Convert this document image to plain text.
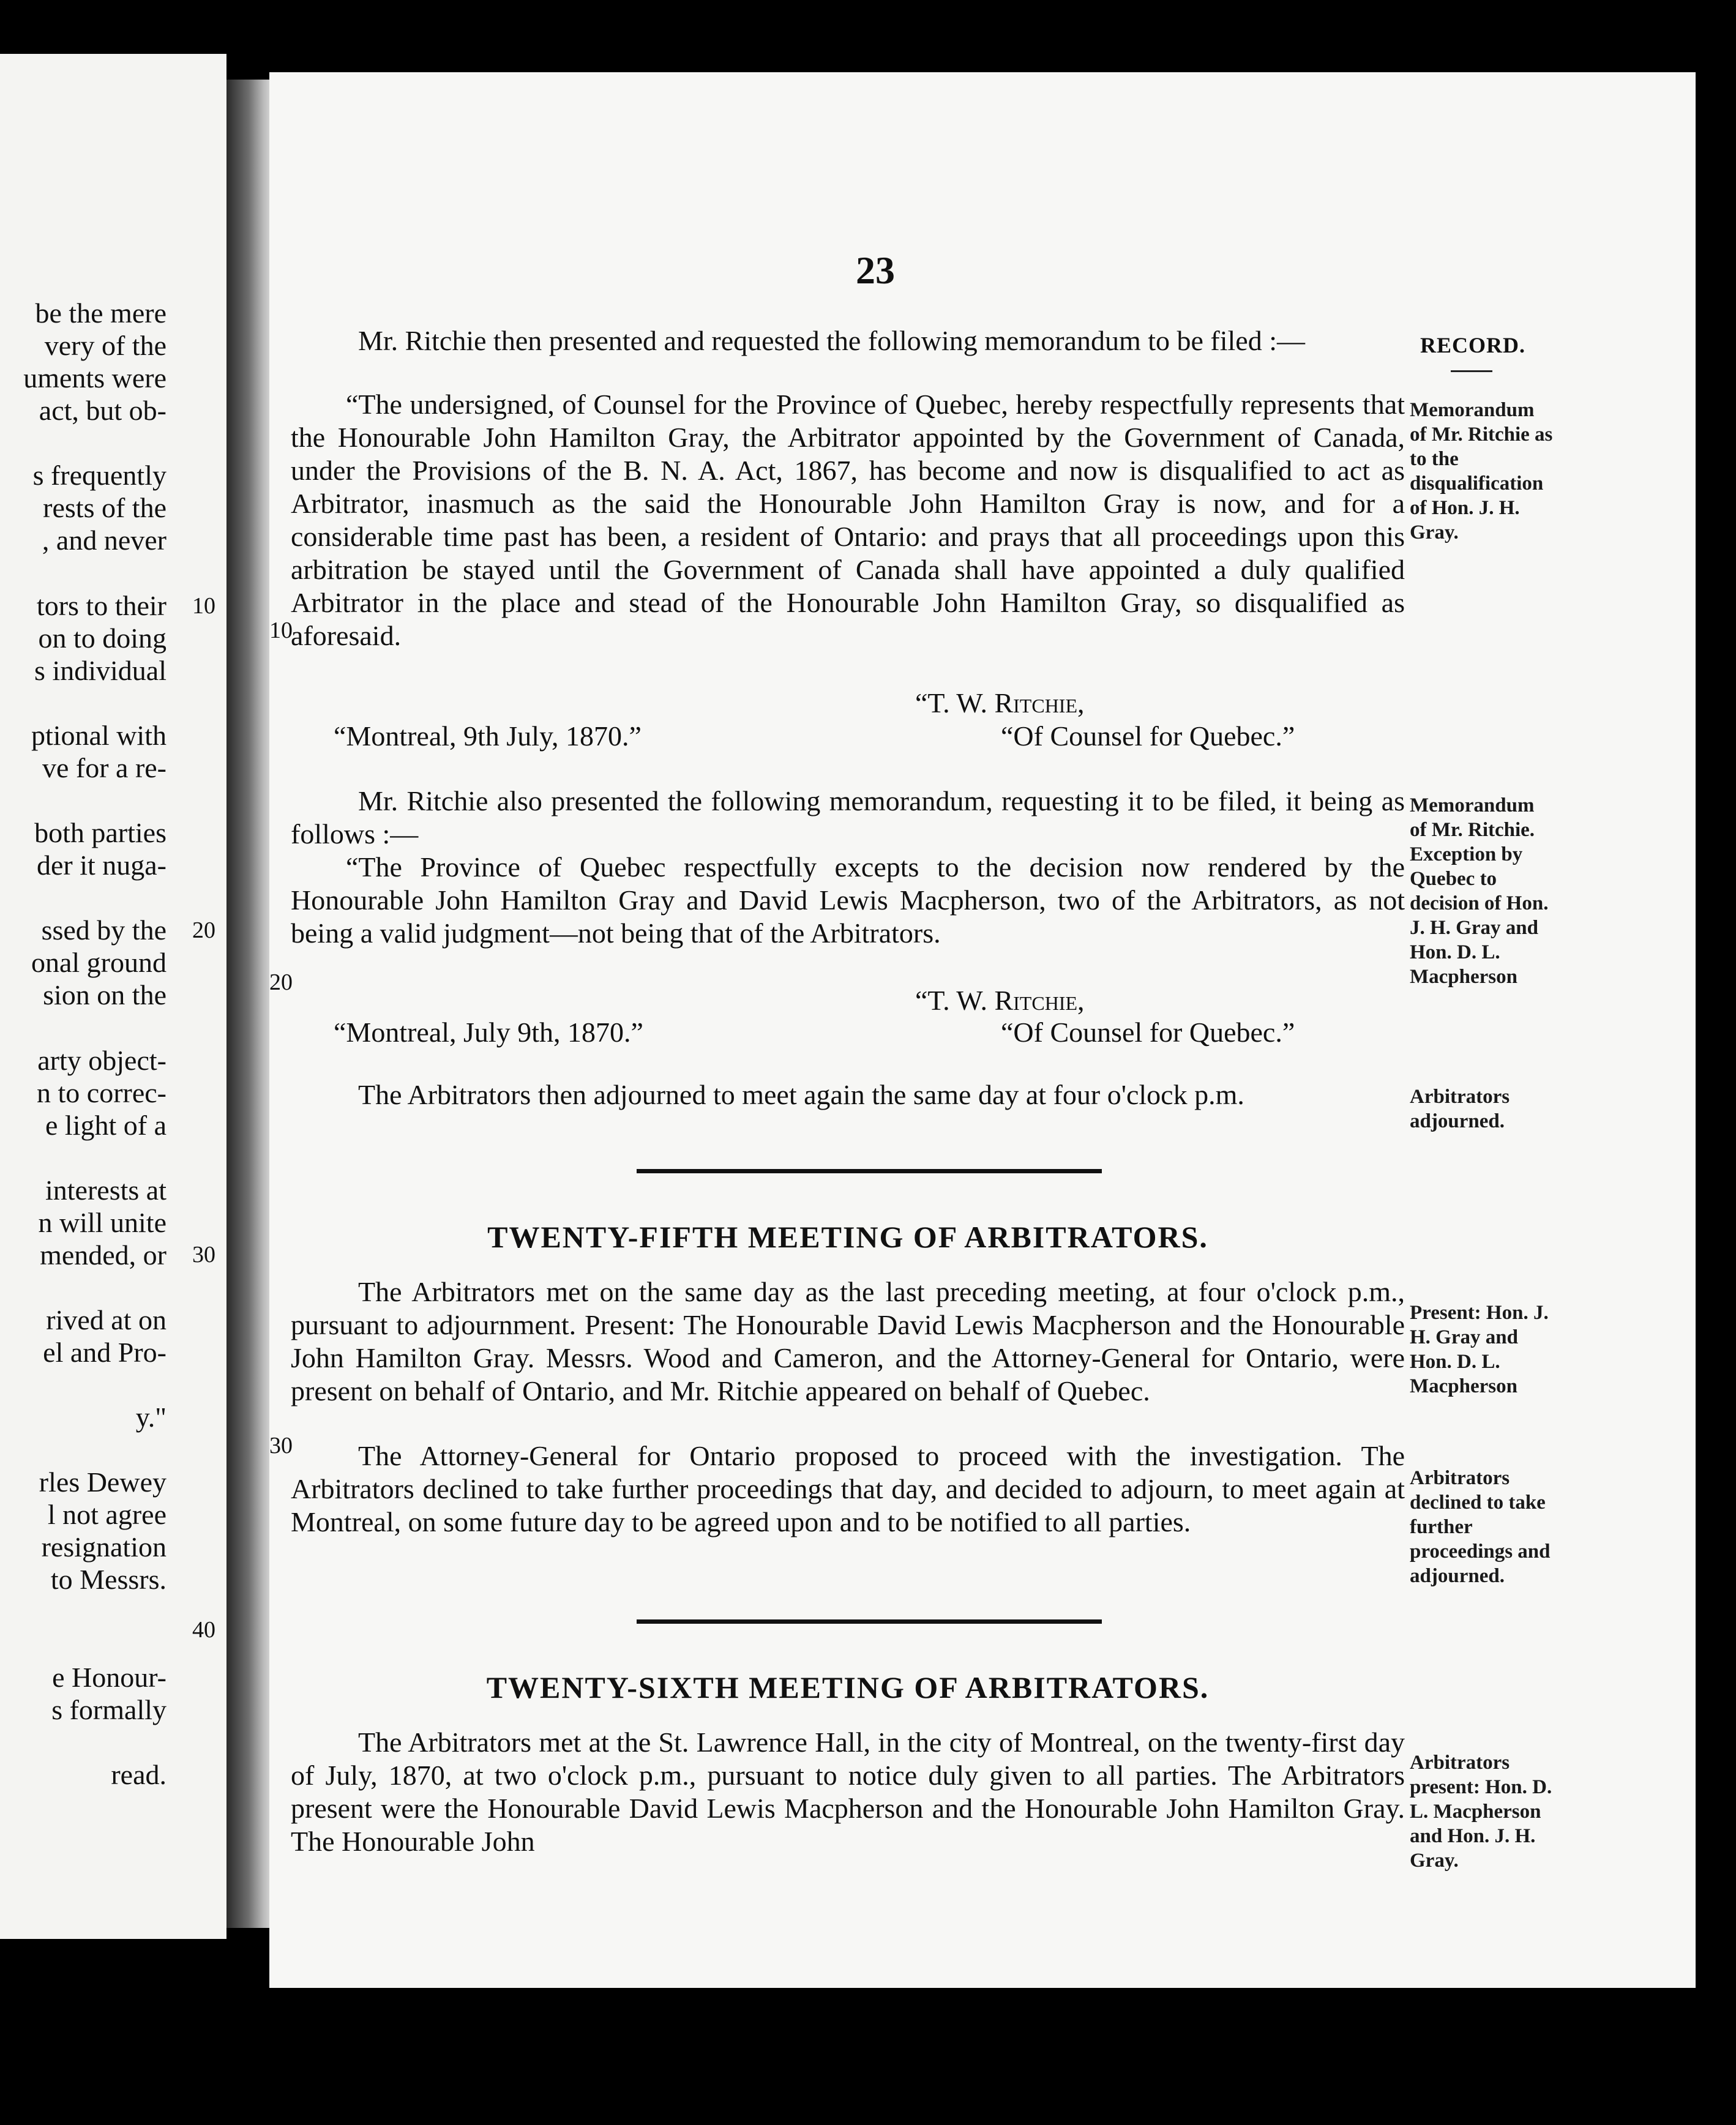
be the mere
very of the
uments were
act, but ob-
s frequently
rests of the
, and never
tors to their
on to doing
s individual
ptional with
ve for a re-
both parties
der it nuga-
ssed by the
onal ground
sion on the
arty object-
n to correc-
e light of a
interests at
n will unite
mended, or
rived at on
el and Pro-
y."
rles Dewey
l not agree
resignation
to Messrs.
e Honour-
s formally
read.
10
20
30
40
23
RECORD.

Mr. Ritchie then presented and requested the following memorandum to be filed :—

“The undersigned, of Counsel for the Province of Quebec, hereby respectfully represents that the Honourable John Hamilton Gray, the Arbitrator appointed by the Government of Canada, under the Provisions of the B. N. A. Act, 1867, has become and now is disqualified to act as Arbitrator, inasmuch as the said the Honourable John Hamilton Gray is now, and for a considerable time past has been, a resident of Ontario: and prays that all proceedings upon this arbitration be stayed until the Government of Canada shall have appointed a duly qualified Arbitrator in the place and stead of the Honourable John Hamilton Gray, so disqualified as aforesaid.

“T. W. Ritchie,
“Montreal, 9th July, 1870.”	“Of Counsel for Quebec.”

Mr. Ritchie also presented the following memorandum, requesting it to be filed, it being as follows :—

“The Province of Quebec respectfully excepts to the decision now rendered by the Honourable John Hamilton Gray and David Lewis Macpherson, two of the Arbitrators, as not being a valid judgment—not being that of the Arbitrators.

“T. W. Ritchie,
“Montreal, July 9th, 1870.”	“Of Counsel for Quebec.”

The Arbitrators then adjourned to meet again the same day at four o'clock p.m.

TWENTY-FIFTH MEETING OF ARBITRATORS.

The Arbitrators met on the same day as the last preceding meeting, at four o'clock p.m., pursuant to adjournment. Present: The Honourable David Lewis Macpherson and the Honourable John Hamilton Gray. Messrs. Wood and Cameron, and the Attorney-General for Ontario, were present on behalf of Ontario, and Mr. Ritchie appeared on behalf of Quebec.

The Attorney-General for Ontario proposed to proceed with the investigation. The Arbitrators declined to take further proceedings that day, and decided to adjourn, to meet again at Montreal, on some future day to be agreed upon and to be notified to all parties.

TWENTY-SIXTH MEETING OF ARBITRATORS.

The Arbitrators met at the St. Lawrence Hall, in the city of Montreal, on the twenty-first day of July, 1870, at two o'clock p.m., pursuant to notice duly given to all parties. The Arbitrators present were the Honourable David Lewis Macpherson and the Honourable John Hamilton Gray. The Honourable John

10
20
30
Memorandum of Mr. Ritchie as to the disqualification of Hon. J. H. Gray.
Memorandum of Mr. Ritchie. Exception by Quebec to decision of Hon. J. H. Gray and Hon. D. L. Macpherson
Arbitrators adjourned.
Present: Hon. J. H. Gray and Hon. D. L. Macpherson
Arbitrators declined to take further proceedings and adjourned.
Arbitrators present: Hon. D. L. Macpherson and Hon. J. H. Gray.
